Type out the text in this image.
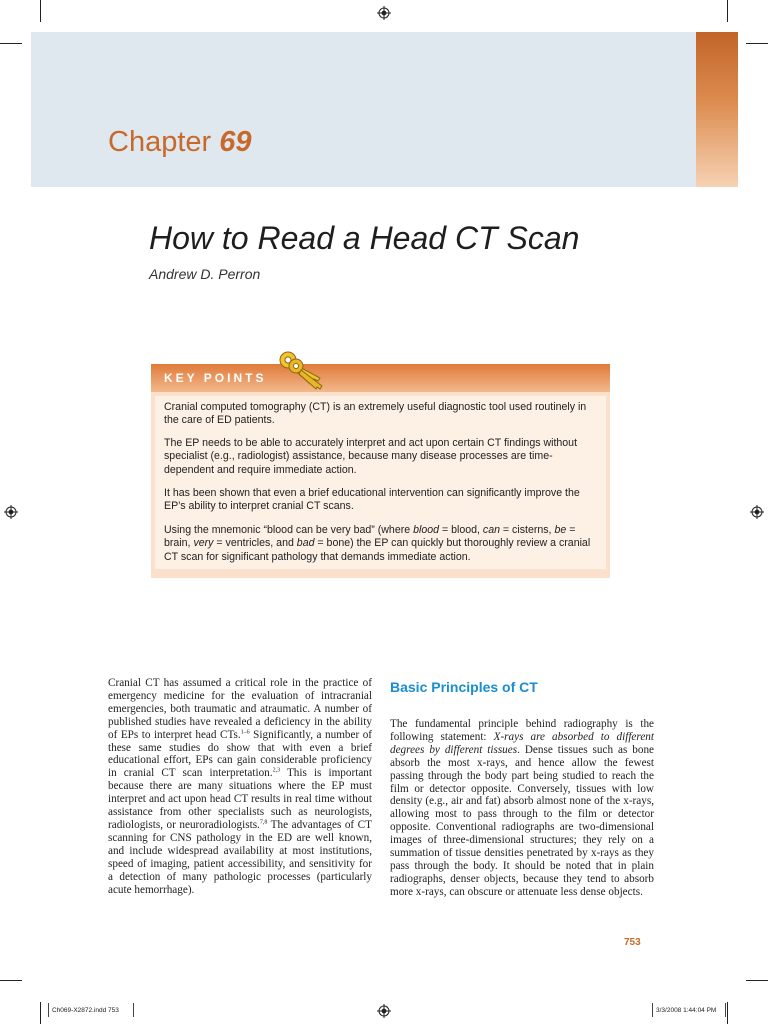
Chapter 69
How to Read a Head CT Scan
Andrew D. Perron
KEY POINTS
Cranial computed tomography (CT) is an extremely useful diagnostic tool used routinely in the care of ED patients.
The EP needs to be able to accurately interpret and act upon certain CT findings without specialist (e.g., radiologist) assistance, because many disease processes are time-dependent and require immediate action.
It has been shown that even a brief educational intervention can significantly improve the EP’s ability to interpret cranial CT scans.
Using the mnemonic “blood can be very bad” (where blood = blood, can = cisterns, be = brain, very = ventricles, and bad = bone) the EP can quickly but thoroughly review a cranial CT scan for significant pathology that demands immediate action.
Cranial CT has assumed a critical role in the practice of emergency medicine for the evaluation of intracranial emergencies, both traumatic and atraumatic. A number of published studies have revealed a deficiency in the ability of EPs to interpret head CTs.$^{1-6}$ Significantly, a number of these same studies do show that with even a brief educational effort, EPs can gain considerable proficiency in cranial CT scan interpretation.$^{2,3}$ This is important because there are many situations where the EP must interpret and act upon head CT results in real time without assistance from other specialists such as neurologists, radiologists, or neuroradiologists.$^{7,8}$ The advantages of CT scanning for CNS pathology in the ED are well known, and include widespread availability at most institutions, speed of imaging, patient accessibility, and sensitivity for a detection of many pathologic processes (particularly acute hemorrhage).
Basic Principles of CT
The fundamental principle behind radiography is the following statement: X-rays are absorbed to different degrees by different tissues. Dense tissues such as bone absorb the most x-rays, and hence allow the fewest passing through the body part being studied to reach the film or detector opposite. Conversely, tissues with low density (e.g., air and fat) absorb almost none of the x-rays, allowing most to pass through to the film or detector opposite. Conventional radiographs are two-dimensional images of three-dimensional structures; they rely on a summation of tissue densities penetrated by x-rays as they pass through the body. It should be noted that in plain radiographs, denser objects, because they tend to absorb more x-rays, can obscure or attenuate less dense objects.
753
Ch069-X2872.indd 753	3/3/2008 1:44:04 PM
